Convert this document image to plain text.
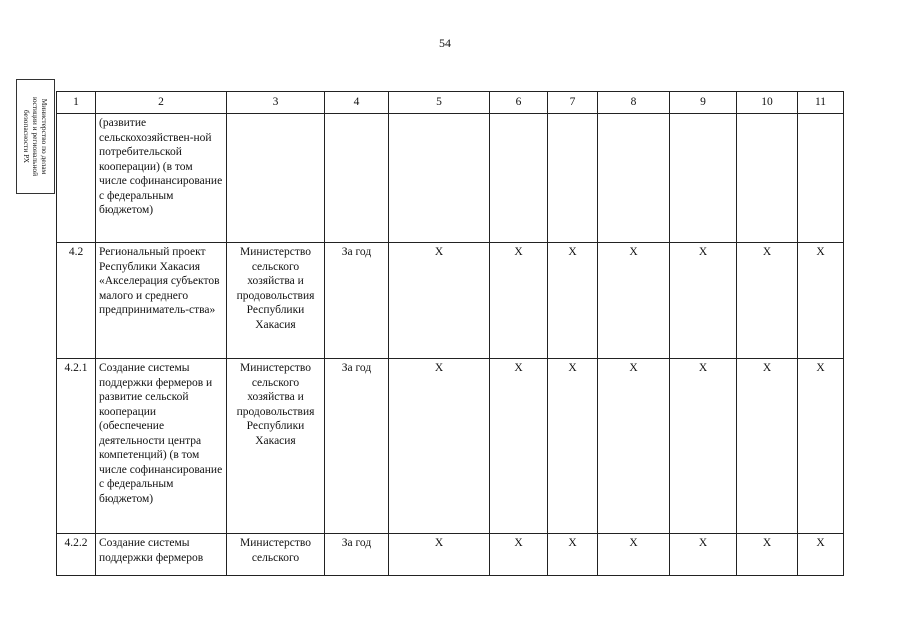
54
Министерство по делам
юстиции и региональной
безопасности РХ
1	2	3	4	5	6	7	8	9	10	11
	(развитие сельскохозяйствен-ной потребительской кооперации) (в том числе софинансирование с федеральным бюджетом)									
4.2	Региональный проект Республики Хакасия «Акселерация субъектов малого и среднего предприниматель-ства»	Министерство сельского хозяйства и продовольствия Республики Хакасия	За год	Х	Х	Х	Х	Х	Х	Х
4.2.1	Создание системы поддержки фермеров и развитие сельской кооперации (обеспечение деятельности центра компетенций) (в том числе софинансирование с федеральным бюджетом)	Министерство сельского хозяйства и продовольствия Республики Хакасия	За год	Х	Х	Х	Х	Х	Х	Х
4.2.2	Создание системы поддержки фермеров	Министерство сельского	За год	Х	Х	Х	Х	Х	Х	Х
